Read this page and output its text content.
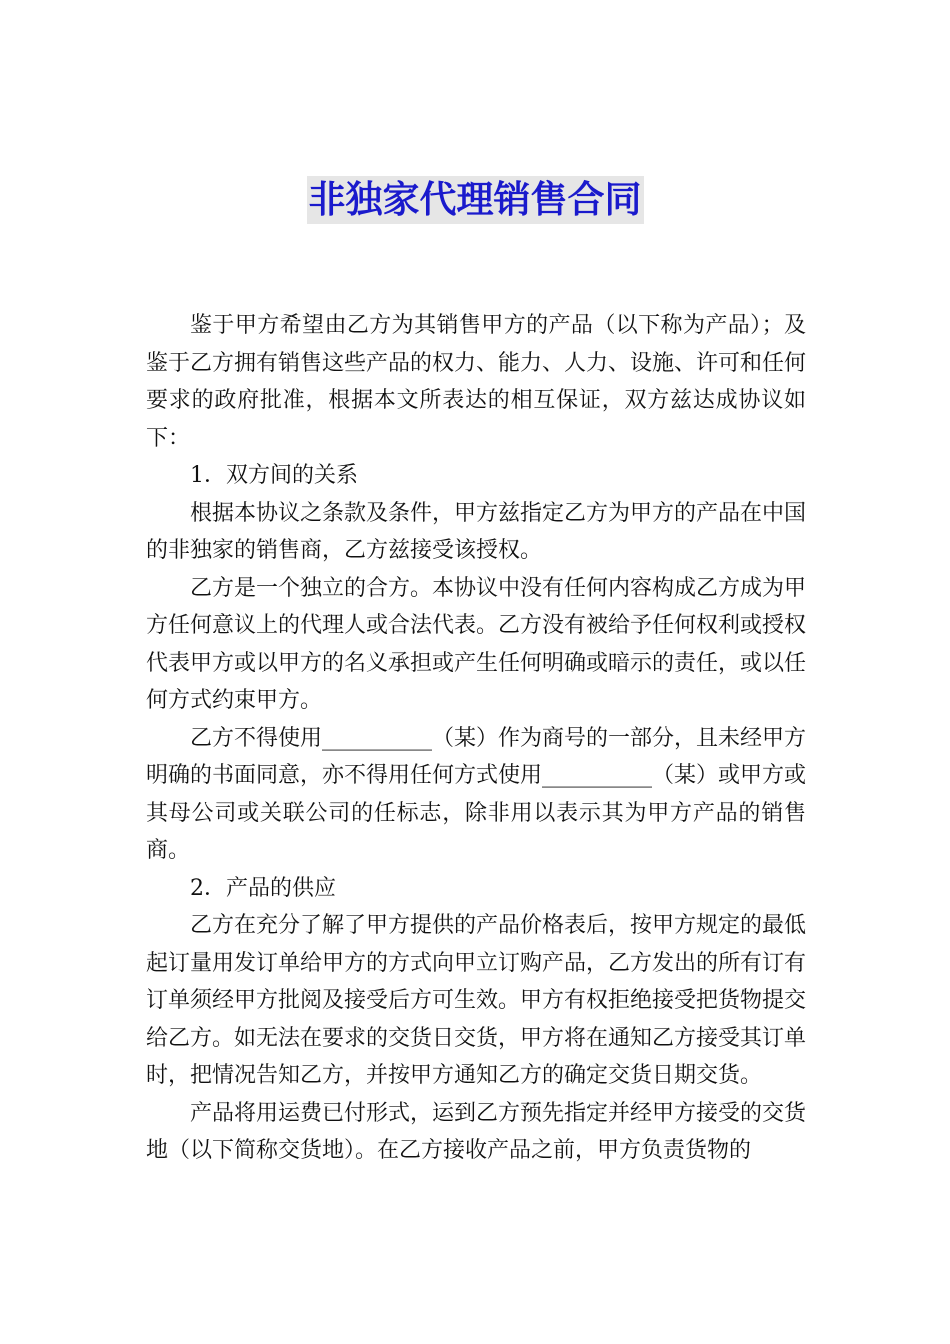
非独家代理销售合同

鉴于甲方希望由乙方为其销售甲方的产品（以下称为产品）；及鉴于乙方拥有销售这些产品的权力、能力、人力、设施、许可和任何要求的政府批准，根据本文所表达的相互保证，双方兹达成协议如下：

1．双方间的关系

根据本协议之条款及条件，甲方兹指定乙方为甲方的产品在中国的非独家的销售商，乙方兹接受该授权。

乙方是一个独立的合方。本协议中没有任何内容构成乙方成为甲方任何意议上的代理人或合法代表。乙方没有被给予任何权利或授权代表甲方或以甲方的名义承担或产生任何明确或暗示的责任，或以任何方式约束甲方。

乙方不得使用__________（某）作为商号的一部分，且未经甲方明确的书面同意，亦不得用任何方式使用__________（某）或甲方或其母公司或关联公司的任标志，除非用以表示其为甲方产品的销售商。

2．产品的供应

乙方在充分了解了甲方提供的产品价格表后，按甲方规定的最低起订量用发订单给甲方的方式向甲立订购产品，乙方发出的所有订有订单须经甲方批阅及接受后方可生效。甲方有权拒绝接受把货物提交给乙方。如无法在要求的交货日交货，甲方将在通知乙方接受其订单时，把情况告知乙方，并按甲方通知乙方的确定交货日期交货。

产品将用运费已付形式，运到乙方预先指定并经甲方接受的交货地（以下简称交货地）。在乙方接收产品之前，甲方负责货物的
